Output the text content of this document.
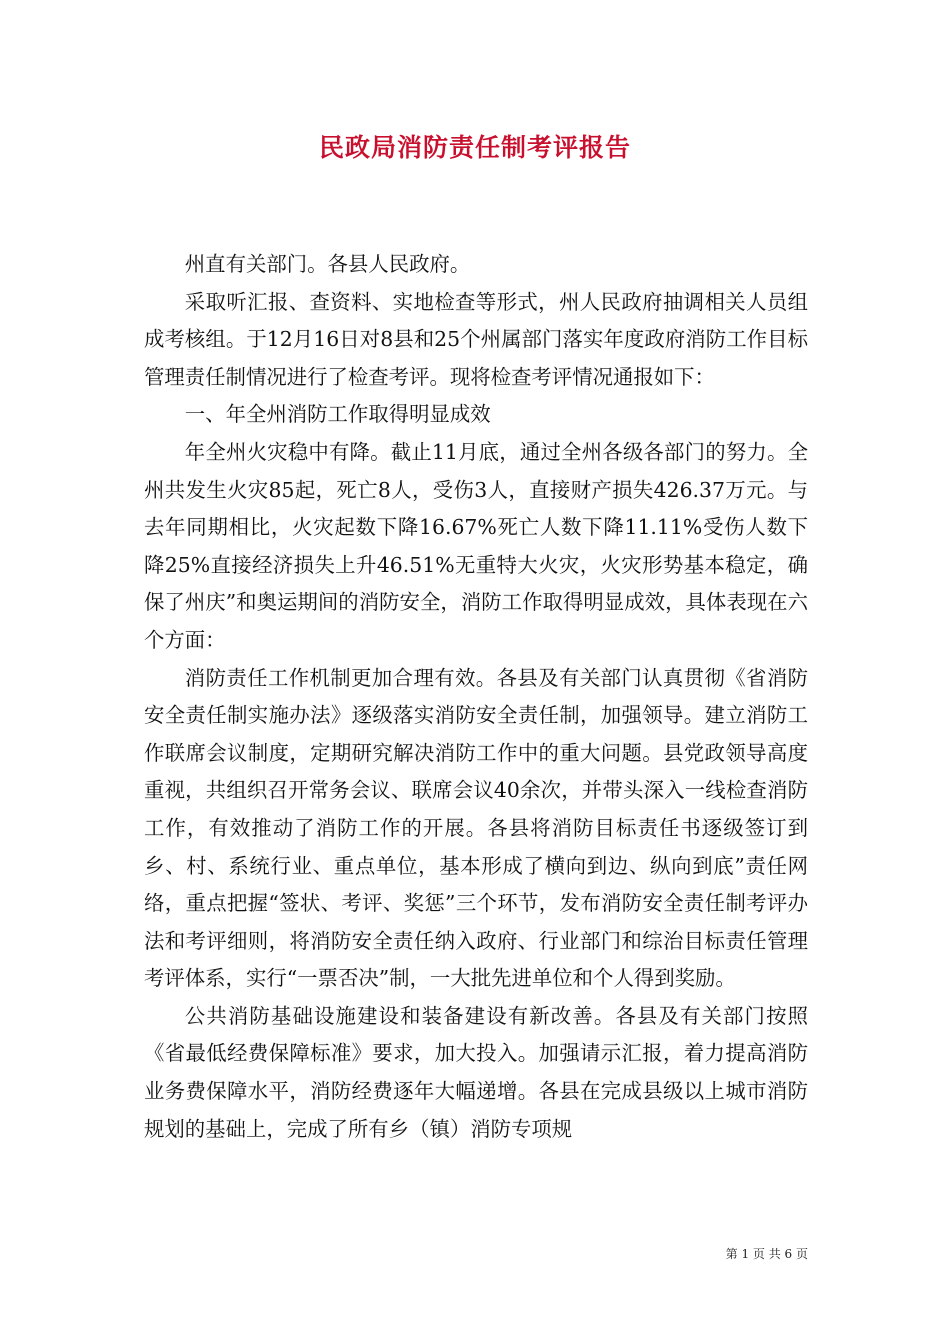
民政局消防责任制考评报告

州直有关部门。各县人民政府。

采取听汇报、查资料、实地检查等形式，州人民政府抽调相关人员组成考核组。于12月16日对8县和25个州属部门落实年度政府消防工作目标管理责任制情况进行了检查考评。现将检查考评情况通报如下：

一、年全州消防工作取得明显成效

年全州火灾稳中有降。截止11月底，通过全州各级各部门的努力。全州共发生火灾85起，死亡8人，受伤3人，直接财产损失426.37万元。与去年同期相比，火灾起数下降16.67%死亡人数下降11.11%受伤人数下降25%直接经济损失上升46.51%无重特大火灾，火灾形势基本稳定，确保了州庆”和奥运期间的消防安全，消防工作取得明显成效，具体表现在六个方面：

消防责任工作机制更加合理有效。各县及有关部门认真贯彻《省消防安全责任制实施办法》逐级落实消防安全责任制，加强领导。建立消防工作联席会议制度，定期研究解决消防工作中的重大问题。县党政领导高度重视，共组织召开常务会议、联席会议40余次，并带头深入一线检查消防工作，有效推动了消防工作的开展。各县将消防目标责任书逐级签订到乡、村、系统行业、重点单位，基本形成了横向到边、纵向到底”责任网络，重点把握“签状、考评、奖惩”三个环节，发布消防安全责任制考评办法和考评细则，将消防安全责任纳入政府、行业部门和综治目标责任管理考评体系，实行“一票否决”制，一大批先进单位和个人得到奖励。

公共消防基础设施建设和装备建设有新改善。各县及有关部门按照《省最低经费保障标准》要求，加大投入。加强请示汇报，着力提高消防业务费保障水平，消防经费逐年大幅递增。各县在完成县级以上城市消防规划的基础上，完成了所有乡（镇）消防专项规

第 1 页 共 6 页
